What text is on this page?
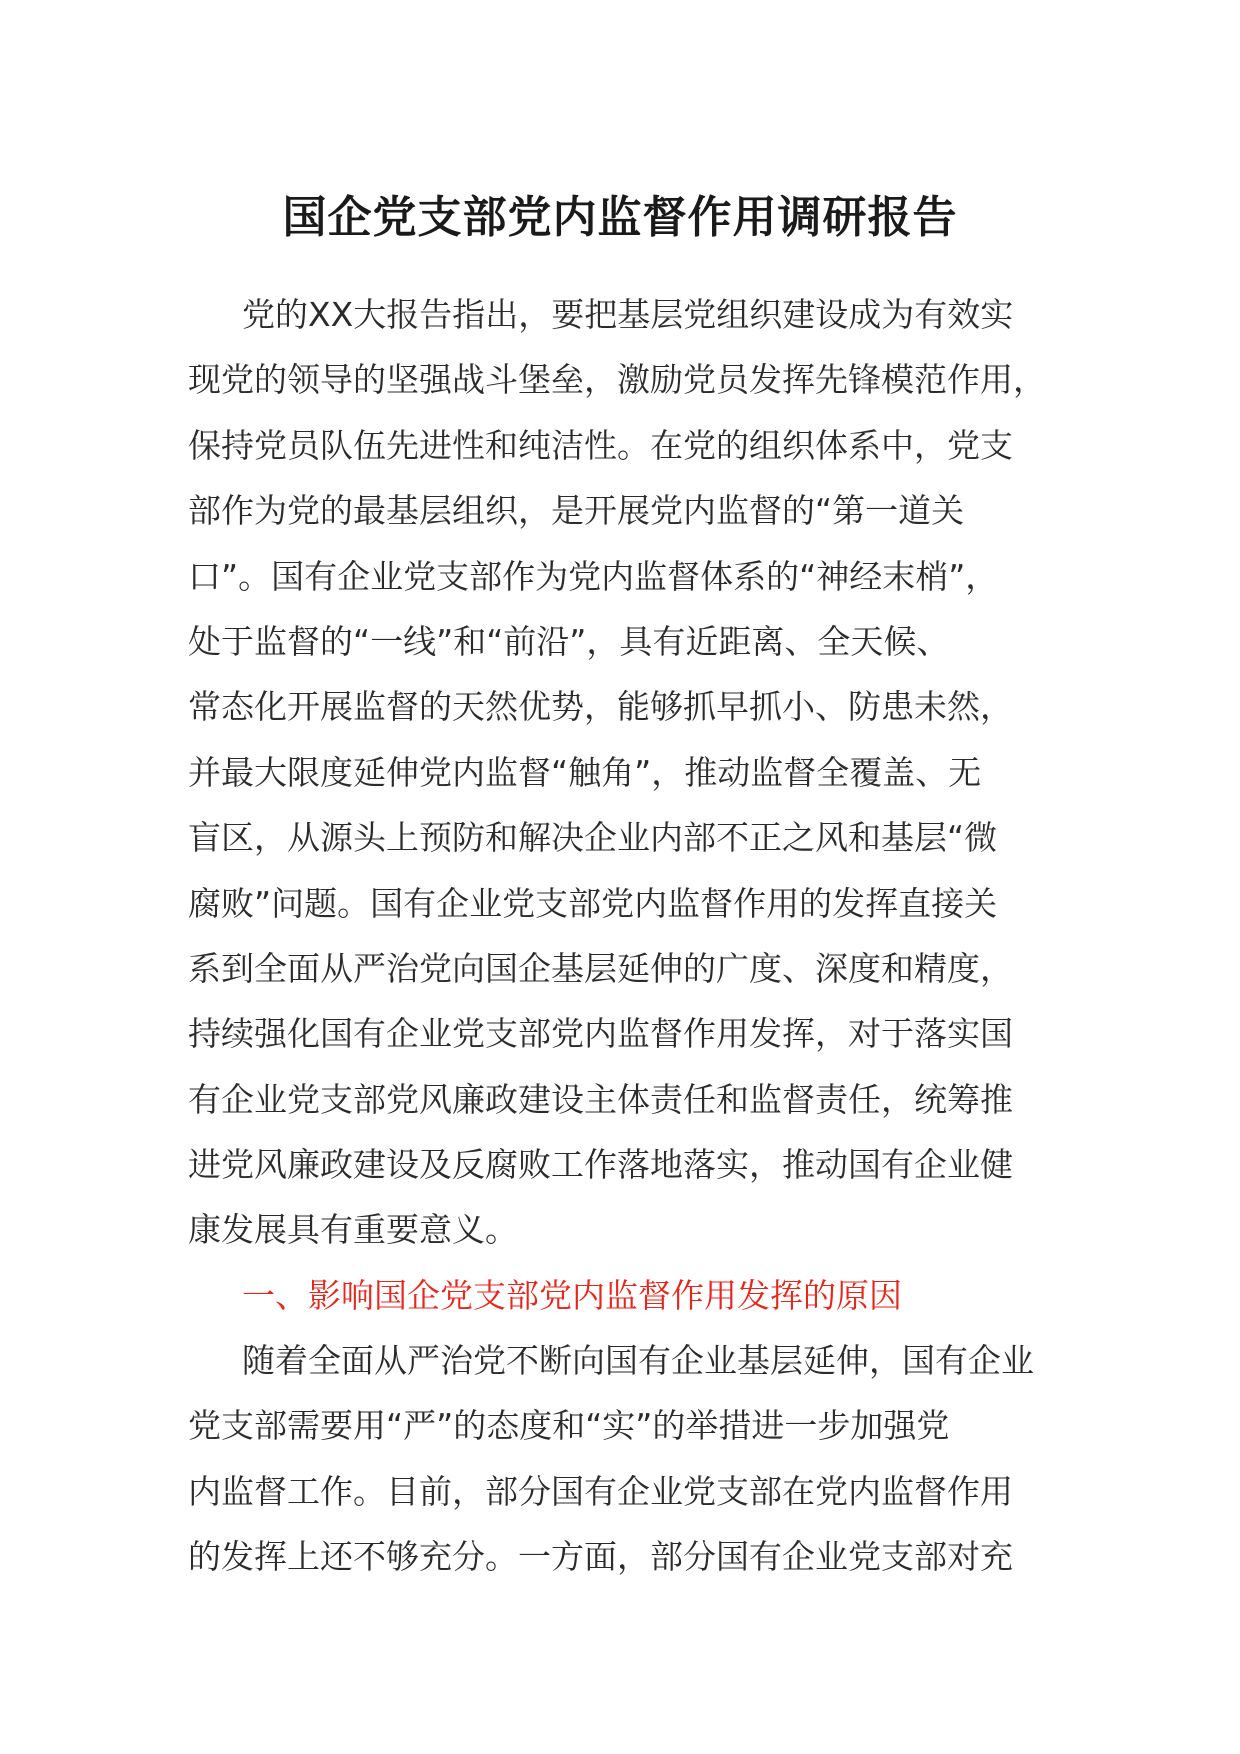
国企党支部党内监督作用调研报告
党的XX大报告指出，要把基层党组织建设成为有效实
现党的领导的坚强战斗堡垒，激励党员发挥先锋模范作用，
保持党员队伍先进性和纯洁性。在党的组织体系中，党支
部作为党的最基层组织，是开展党内监督的“第一道关
口”。国有企业党支部作为党内监督体系的“神经末梢”，
处于监督的“一线”和“前沿”，具有近距离、全天候、
常态化开展监督的天然优势，能够抓早抓小、防患未然，
并最大限度延伸党内监督“触角”，推动监督全覆盖、无
盲区，从源头上预防和解决企业内部不正之风和基层“微
腐败”问题。国有企业党支部党内监督作用的发挥直接关
系到全面从严治党向国企基层延伸的广度、深度和精度，
持续强化国有企业党支部党内监督作用发挥，对于落实国
有企业党支部党风廉政建设主体责任和监督责任，统筹推
进党风廉政建设及反腐败工作落地落实，推动国有企业健
康发展具有重要意义。
一、影响国企党支部党内监督作用发挥的原因
随着全面从严治党不断向国有企业基层延伸，国有企业
党支部需要用“严”的态度和“实”的举措进一步加强党
内监督工作。目前，部分国有企业党支部在党内监督作用
的发挥上还不够充分。一方面，部分国有企业党支部对充
